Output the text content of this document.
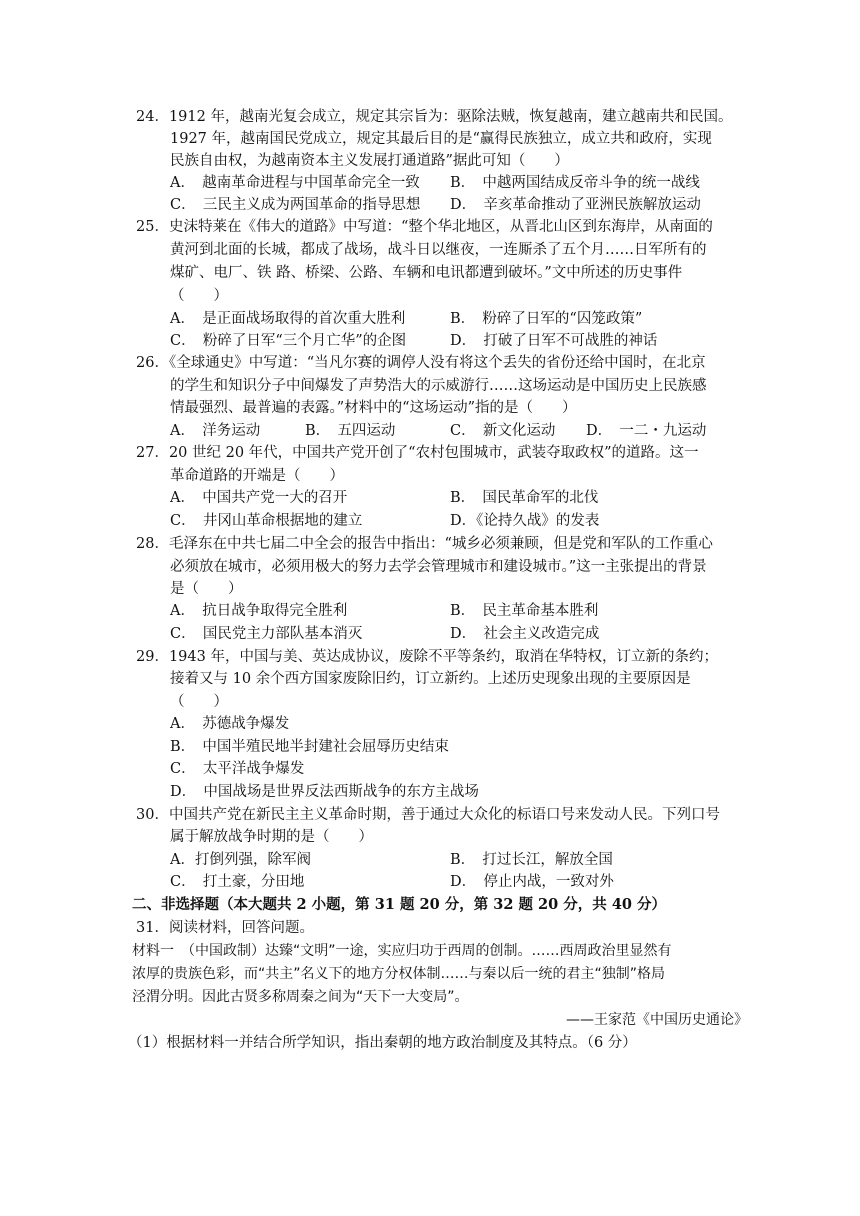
24．1912 年，越南光复会成立，规定其宗旨为：驱除法贼，恢复越南，建立越南共和民国。
1927 年，越南国民党成立，规定其最后目的是“赢得民族独立，成立共和政府，实现
民族自由权，为越南资本主义发展打通道路”据此可知（　　）
A．　越南革命进程与中国革命完全一致 B．　中越两国结成反帝斗争的统一战线
C．　三民主义成为两国革命的指导思想 D．　辛亥革命推动了亚洲民族解放运动
25．史沫特莱在《伟大的道路》中写道：“整个华北地区，从晋北山区到东海岸，从南面的
黄河到北面的长城，都成了战场，战斗日以继夜，一连厮杀了五个月……日军所有的
煤矿、电厂、铁 路、桥梁、公路、车辆和电讯都遭到破坏。”文中所述的历史事件
（　　）
A．　是正面战场取得的首次重大胜利	B．　粉碎了日军的“囚笼政策”
C．　粉碎了日军“三个月亡华”的企图	D．　打破了日军不可战胜的神话
26．《全球通史》中写道：“当凡尔赛的调停人没有将这个丢失的省份还给中国时，在北京
的学生和知识分子中间爆发了声势浩大的示威游行……这场运动是中国历史上民族感
情最强烈、最普遍的表露。”材料中的“这场运动”指的是（　　）
A．　洋务运动	B．　五四运动	C．　新文化运动 D．　一二・九运动
27．20 世纪 20 年代，中国共产党开创了“农村包围城市，武装夺取政权”的道路。这一
革命道路的开端是（　　）
A．　中国共产党一大的召开	B．　国民革命军的北伐
C．　井冈山革命根据地的建立	D．《论持久战》的发表
28．毛泽东在中共七届二中全会的报告中指出：“城乡必须兼顾，但是党和军队的工作重心
必须放在城市，必须用极大的努力去学会管理城市和建设城市。”这一主张提出的背景
是（　　）
A．　抗日战争取得完全胜利	B．　民主革命基本胜利
C．　国民党主力部队基本消灭	D．　社会主义改造完成
29．1943 年，中国与美、英达成协议，废除不平等条约，取消在华特权，订立新的条约；
接着又与 10 余个西方国家废除旧约，订立新约。上述历史现象出现的主要原因是
（　　）
A．　苏德战争爆发
B．　中国半殖民地半封建社会屈辱历史结束
C．　太平洋战争爆发
D．　中国战场是世界反法西斯战争的东方主战场
30．中国共产党在新民主主义革命时期，善于通过大众化的标语口号来发动人民。下列口号
属于解放战争时期的是（　　）
A．打倒列强，除军阀	B．　打过长江，解放全国
C．　打土豪，分田地	D．　停止内战，一致对外
二、非选择题（本大题共 2 小题，第 31 题 20 分，第 32 题 20 分，共 40 分）
31．阅读材料，回答问题。
材料一　（中国政制）达臻“文明”一途，实应归功于西周的创制。……西周政治里显然有
浓厚的贵族色彩，而“共主”名义下的地方分权体制……与秦以后一统的君主“独制”格局
泾渭分明。因此古贤多称周秦之间为“天下一大变局”。
——王家范《中国历史通论》
（1）根据材料一并结合所学知识，指出秦朝的地方政治制度及其特点。（6 分）
